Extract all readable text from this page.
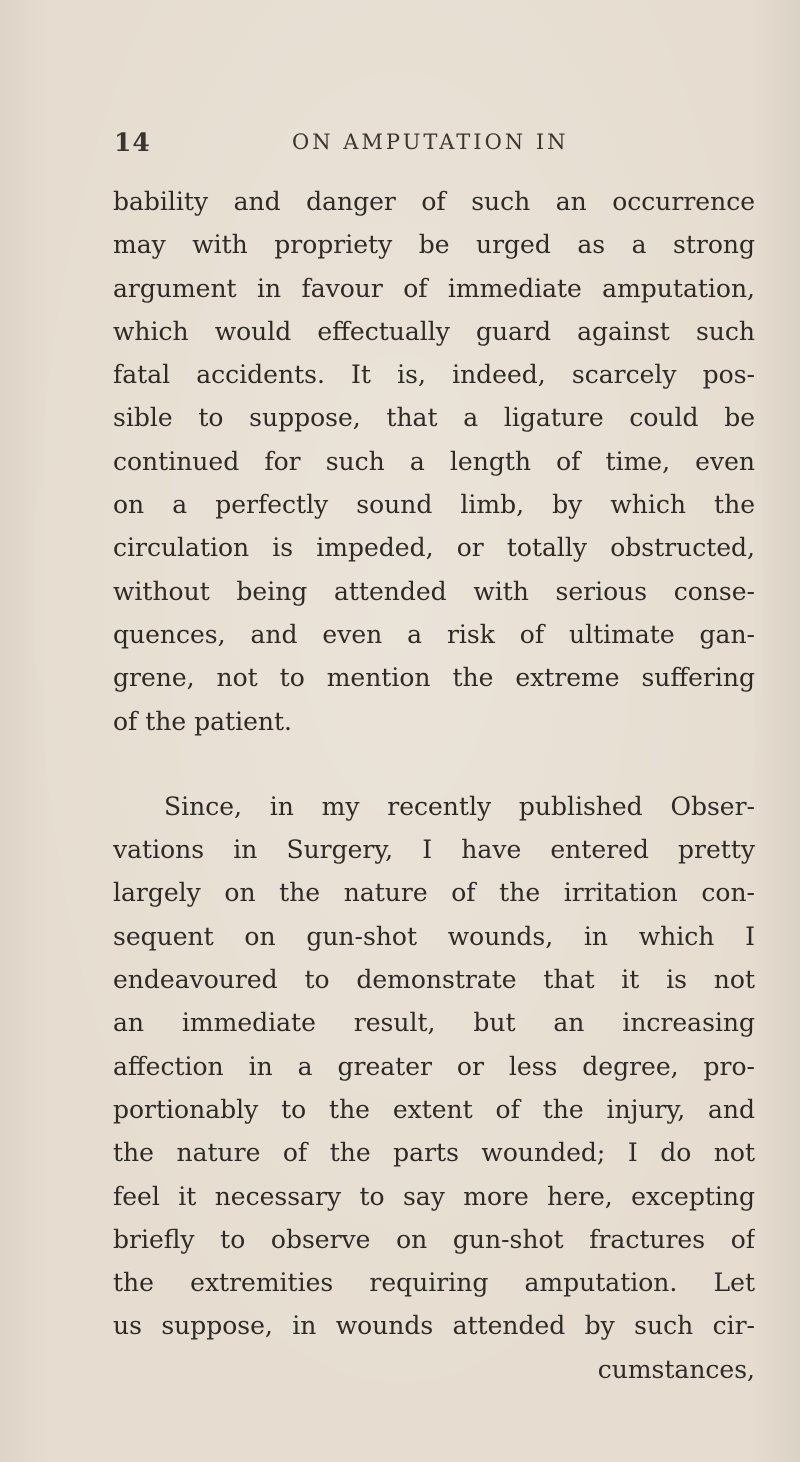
14	ON AMPUTATION IN
bability and danger of such an occurrence
may with propriety be urged as a strong
argument in favour of immediate amputation,
which would effectually guard against such
fatal accidents. It is, indeed, scarcely pos-
sible to suppose, that a ligature could be
continued for such a length of time, even
on a perfectly sound limb, by which the
circulation is impeded, or totally obstructed,
without being attended with serious conse-
quences, and even a risk of ultimate gan-
grene, not to mention the extreme suffering
of the patient.
Since, in my recently published Obser-
vations in Surgery, I have entered pretty
largely on the nature of the irritation con-
sequent on gun-shot wounds, in which I
endeavoured to demonstrate that it is not
an immediate result, but an increasing
affection in a greater or less degree, pro-
portionably to the extent of the injury, and
the nature of the parts wounded; I do not
feel it necessary to say more here, excepting
briefly to observe on gun-shot fractures of
the extremities requiring amputation. Let
us suppose, in wounds attended by such cir-
cumstances,
